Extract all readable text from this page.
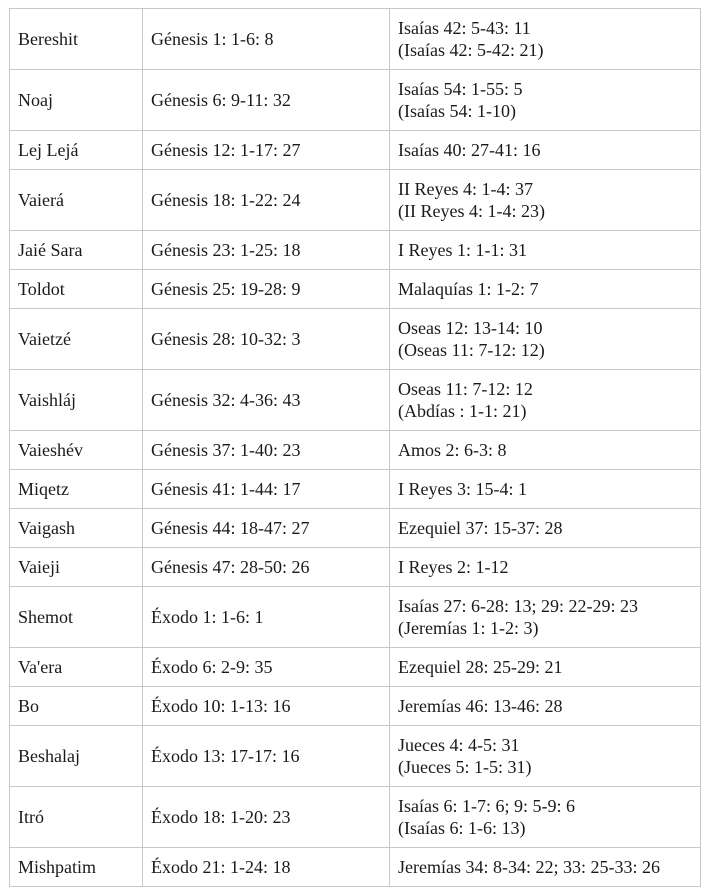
Bereshit	Génesis 1: 1-6: 8	Isaías 42: 5-43: 11
(Isaías 42: 5-42: 21)

Noaj	Génesis 6: 9-11: 32	Isaías 54: 1-55: 5
(Isaías 54: 1-10)

Lej Lejá	Génesis 12: 1-17: 27	Isaías 40: 27-41: 16

Vaierá	Génesis 18: 1-22: 24	II Reyes 4: 1-4: 37
(II Reyes 4: 1-4: 23)

Jaié Sara	Génesis 23: 1-25: 18	I Reyes 1: 1-1: 31

Toldot	Génesis 25: 19-28: 9	Malaquías 1: 1-2: 7

Vaietzé	Génesis 28: 10-32: 3	Oseas 12: 13-14: 10
(Oseas 11: 7-12: 12)

Vaishláj	Génesis 32: 4-36: 43	Oseas 11: 7-12: 12
(Abdías : 1-1: 21)

Vaieshév	Génesis 37: 1-40: 23	Amos 2: 6-3: 8

Miqetz	Génesis 41: 1-44: 17	I Reyes 3: 15-4: 1

Vaigash	Génesis 44: 18-47: 27	Ezequiel 37: 15-37: 28

Vaieji	Génesis 47: 28-50: 26	I Reyes 2: 1-12

Shemot	Éxodo 1: 1-6: 1	Isaías 27: 6-28: 13; 29: 22-29: 23
(Jeremías 1: 1-2: 3)

Va'era	Éxodo 6: 2-9: 35	Ezequiel 28: 25-29: 21

Bo	Éxodo 10: 1-13: 16	Jeremías 46: 13-46: 28

Beshalaj	Éxodo 13: 17-17: 16	Jueces 4: 4-5: 31
(Jueces 5: 1-5: 31)

Itró	Éxodo 18: 1-20: 23	Isaías 6: 1-7: 6; 9: 5-9: 6
(Isaías 6: 1-6: 13)

Mishpatim	Éxodo 21: 1-24: 18	Jeremías 34: 8-34: 22; 33: 25-33: 26
